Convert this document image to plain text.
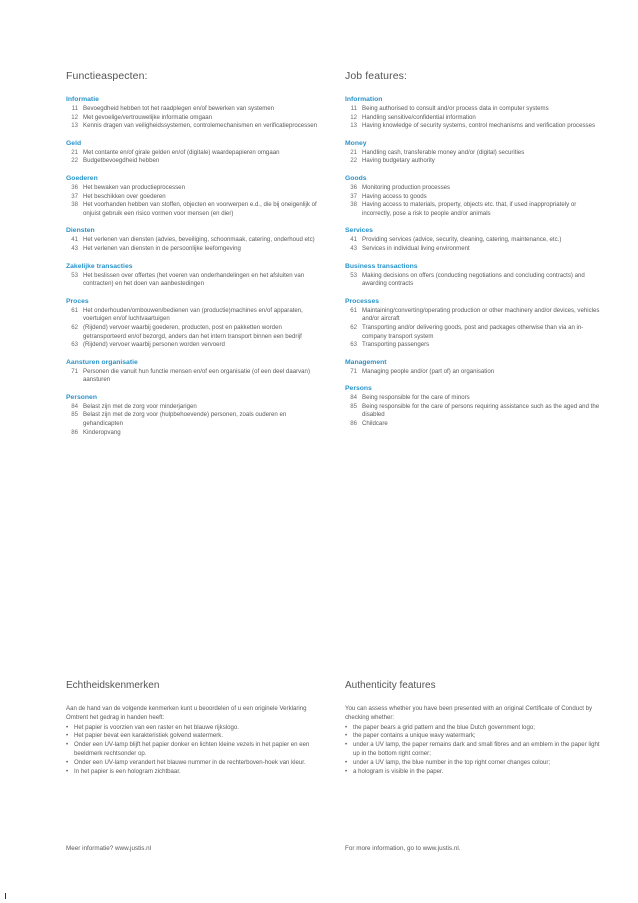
Functieaspecten:
Informatie
11 Bevoegdheid hebben tot het raadplegen en/of bewerken van systemen
12 Met gevoelige/vertrouwelijke informatie omgaan
13 Kennis dragen van veiligheidssystemen, controlemechanismen en verificatieprocessen
Geld
21 Met contante en/of girale gelden en/of (digitale) waardepapieren omgaan
22 Budgetbevoegdheid hebben
Goederen
36 Het bewaken van productieprocessen
37 Het beschikken over goederen
38 Het voorhanden hebben van stoffen, objecten en voorwerpen e.d., die bij oneigenlijk of onjuist gebruik een risico vormen voor mensen (en dier)
Diensten
41 Het verlenen van diensten (advies, beveiliging, schoonmaak, catering, onderhoud etc)
43 Het verlenen van diensten in de persoonlijke leefomgeving
Zakelijke transacties
53 Het beslissen over offertes (het voeren van onderhandelingen en het afsluiten van contracten) en het doen van aanbestedingen
Proces
61 Het onderhouden/ombouwen/bedienen van (productie)machines en/of apparaten, voertuigen en/of luchtvaartuigen
62 (Rijdend) vervoer waarbij goederen, producten, post en pakketten worden getransporteerd en/of bezorgd, anders dan het intern transport binnen een bedrijf
63 (Rijdend) vervoer waarbij personen worden vervoerd
Aansturen organisatie
71 Personen die vanuit hun functie mensen en/of een organisatie (of een deel daarvan) aansturen
Personen
84 Belast zijn met de zorg voor minderjarigen
85 Belast zijn met de zorg voor (hulpbehoevende) personen, zoals ouderen en gehandicapten
86 Kinderopvang
Job features:
Information
11 Being authorised to consult and/or process data in computer systems
12 Handling sensitive/confidential information
13 Having knowledge of security systems, control mechanisms and verification processes
Money
21 Handling cash, transferable money and/or (digital) securities
22 Having budgetary authority
Goods
36 Monitoring production processes
37 Having access to goods
38 Having access to materials, property, objects etc. that, if used inappropriately or incorrectly, pose a risk to people and/or animals
Services
41 Providing services (advice, security, cleaning, catering, maintenance, etc.)
43 Services in individual living environment
Business transactions
53 Making decisions on offers (conducting negotiations and concluding contracts) and awarding contracts
Processes
61 Maintaining/converting/operating production or other machinery and/or devices, vehicles and/or aircraft
62 Transporting and/or delivering goods, post and packages otherwise than via an in-company transport system
63 Transporting passengers
Management
71 Managing people and/or (part of) an organisation
Persons
84 Being responsible for the care of minors
85 Being responsible for the care of persons requiring assistance such as the aged and the disabled
86 Childcare
Echtheidskenmerken
Aan de hand van de volgende kenmerken kunt u beoordelen of u een originele Verklaring Omtrent het gedrag in handen heeft:
• Het papier is voorzien van een raster en het blauwe rijkslogo.
• Het papier bevat een karakteristiek golvend watermerk.
• Onder een UV-lamp blijft het papier donker en lichten kleine vezels in het papier en een beeldmerk rechtsonder op.
• Onder een UV-lamp verandert het blauwe nummer in de rechterboven-hoek van kleur.
• In het papier is een hologram zichtbaar.
Authenticity features
You can assess whether you have been presented with an original Certificate of Conduct by checking whether:
• the paper bears a grid pattern and the blue Dutch government logo;
• the paper contains a unique wavy watermark;
• under a UV lamp, the paper remains dark and small fibres and an emblem in the paper light up in the bottom right corner;
• under a UV lamp, the blue number in the top right corner changes colour;
• a hologram is visible in the paper.
Meer informatie? www.justis.nl	For more information, go to www.justis.nl.
